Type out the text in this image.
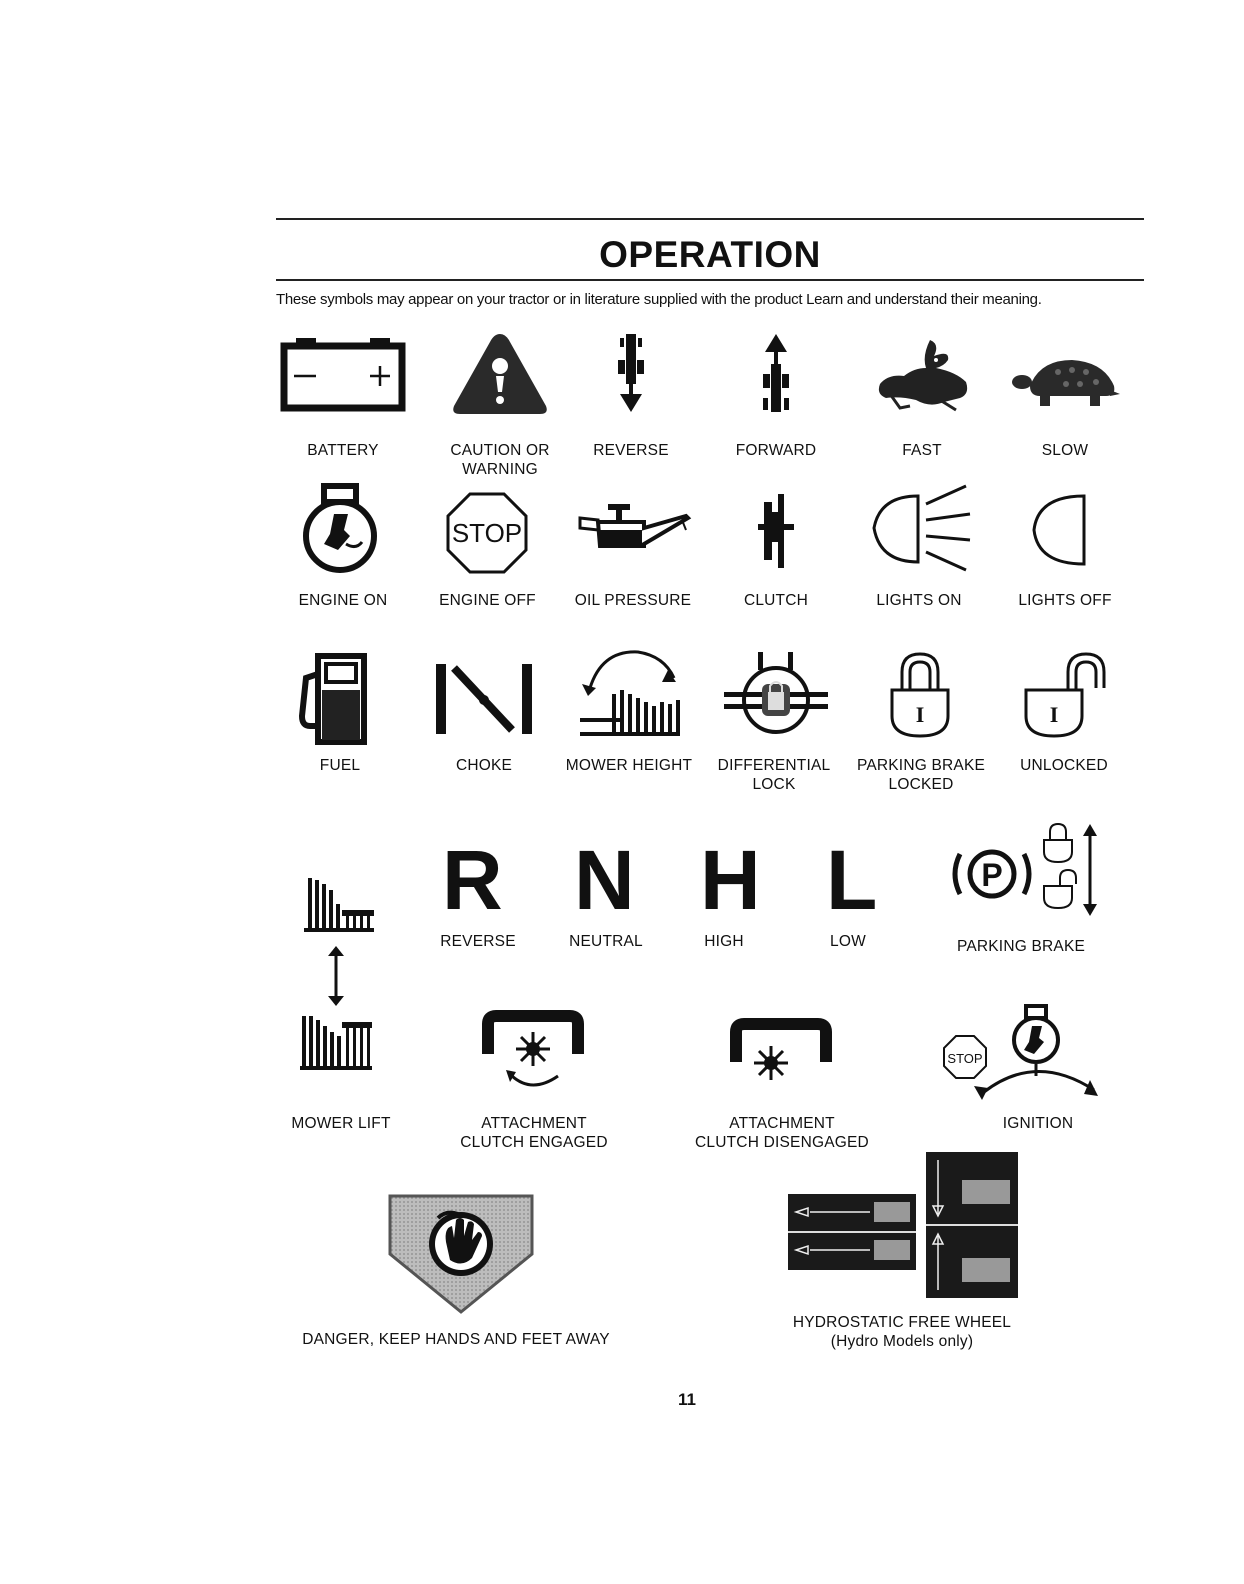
OPERATION
These symbols may appear on your tractor or in literature supplied with the product Learn and understand their meaning.
BATTERY	CAUTION OR
WARNING
REVERSE	FORWARD	FAST	SLOW
ENGINE ON
STOP
ENGINE OFF	OIL PRESSURE	CLUTCH	LIGHTS ON	LIGHTS OFF
FUEL	CHOKE	MOWER HEIGHT	DIFFERENTIAL
LOCK
I
PARKING BRAKE
LOCKED
I
UNLOCKED
R N H L
REVERSE	NEUTRAL	HIGH	LOW
P
PARKING BRAKE
MOWER LIFT	ATTACHMENT
CLUTCH ENGAGED
ATTACHMENT
CLUTCH DISENGAGED
STOP
IGNITION
DANGER, KEEP HANDS AND FEET AWAY
HYDROSTATIC FREE WHEEL
(Hydro Models only)
11
